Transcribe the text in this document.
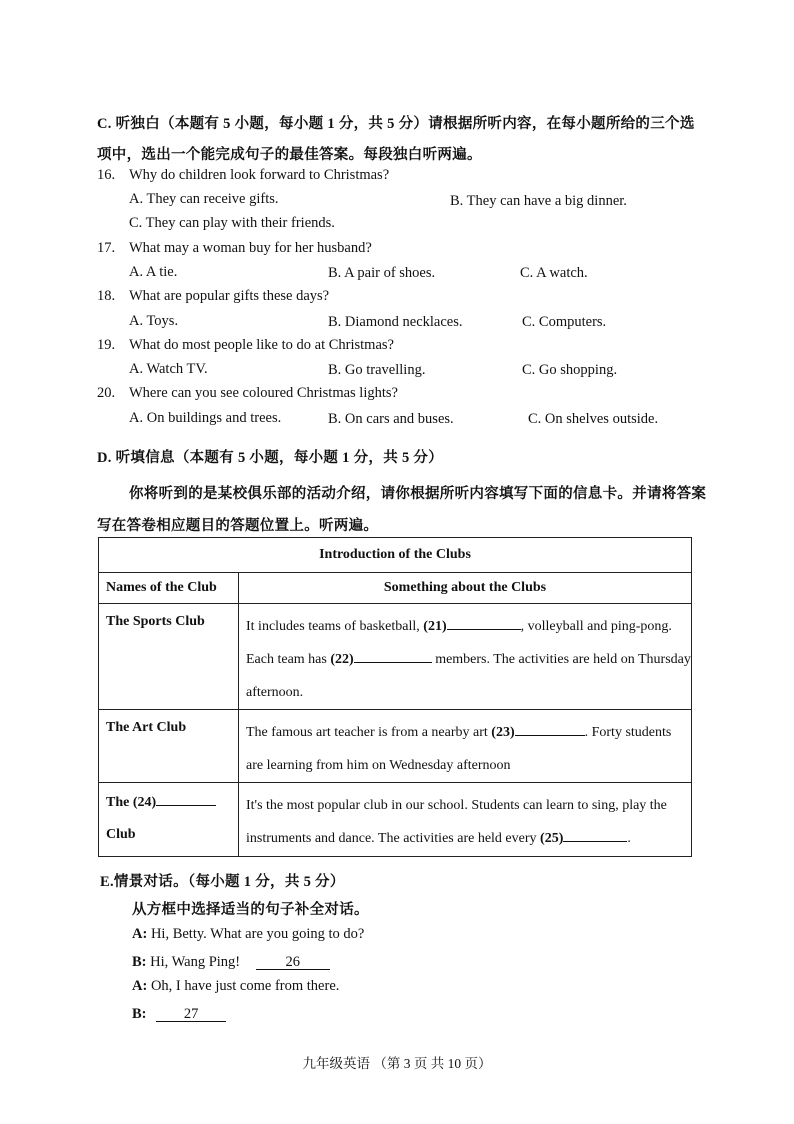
C. 听独白（本题有 5 小题，每小题 1 分，共 5 分）请根据所听内容，在每小题所给的三个选
项中，选出一个能完成句子的最佳答案。每段独白听两遍。
16. Why do children look forward to Christmas?
A. They can receive gifts.	B. They can have a big dinner.
C. They can play with their friends.
17. What may a woman buy for her husband?
A. A tie.	B. A pair of shoes.	C. A watch.
18. What are popular gifts these days?
A. Toys.	B. Diamond necklaces.	C. Computers.
19. What do most people like to do at Christmas?
A. Watch TV.	B. Go travelling.	C. Go shopping.
20. Where can you see coloured Christmas lights?
A. On buildings and trees.	B. On cars and buses.	C. On shelves outside.
D. 听填信息（本题有 5 小题，每小题 1 分，共 5 分）
你将听到的是某校俱乐部的活动介绍，请你根据所听内容填写下面的信息卡。并请将答案
写在答卷相应题目的答题位置上。听两遍。
Introduction of the Clubs	
Names of the Club	Something about the Clubs
The Sports Club	It includes teams of basketball, (21) , volleyball and ping-pong. Each team has (22) members. The activities are held on Thursday afternoon.
The Art Club	The famous art teacher is from a nearby art (23) . Forty students are learning from him on Wednesday afternoon
The (24)
Club	It's the most popular club in our school. Students can learn to sing, play the instruments and dance. The activities are held every (25) .
E.情景对话。（每小题 1 分，共 5 分）
从方框中选择适当的句子补全对话。
A: Hi, Betty. What are you going to do?
B: Hi, Wang Ping!	26
A: Oh, I have just come from there.
B:	27
九年级英语 （第 3 页 共 10 页）
